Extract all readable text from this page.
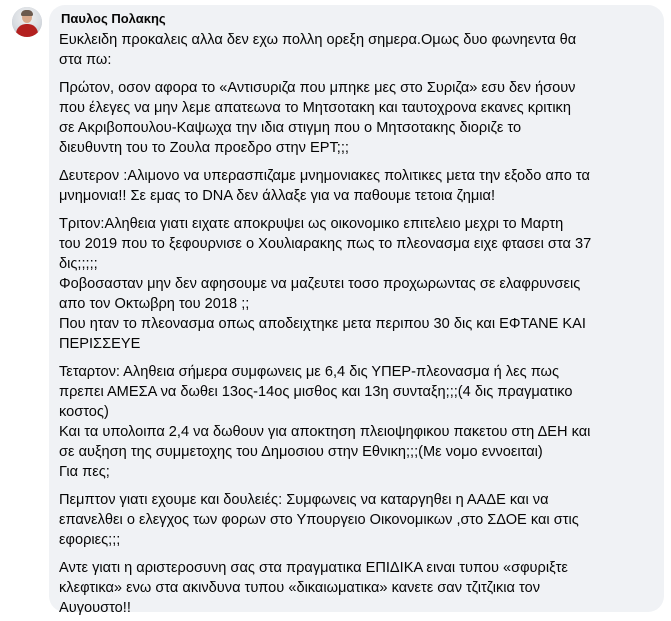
Παυλος Πολακης
Ευκλειδη προκαλεις αλλα δεν εχω πολλη ορεξη σημερα.Ομως δυο φωνηεντα θα
στα πω:
Πρώτον, οσον αφορα το «Αντισυριζα που μπηκε μες στο Συριζα» εσυ δεν ήσουν
που έλεγες να μην λεμε απατεωνα το Μητσοτακη και ταυτοχρονα εκανες κριτικη
σε Ακριβοπουλου-Καψωχα την ιδια στιγμη που ο Μητσοτακης διοριζε το
διευθυντη του το Ζουλα προεδρο στην ΕΡΤ;;;
Δευτερον :Αλιμονο να υπερασπιζαμε μνημονιακες πολιτικες μετα την εξοδο απο τα
μνημονια!! Σε εμας το DNA δεν άλλαξε για να παθουμε τετοια ζημια!
Τριτον:Αληθεια γιατι ειχατε αποκρυψει ως οικονομικο επιτελειο μεχρι το Μαρτη
του 2019 που το ξεφουρνισε ο Χουλιαρακης πως το πλεονασμα ειχε φτασει στα 37
δις;;;;;
Φοβοσασταν μην δεν αφησουμε να μαζευτει τοσο προχωρωντας σε ελαφρυνσεις
απο τον Οκτωβρη του 2018 ;;
Που ηταν το πλεονασμα οπως αποδειχτηκε μετα περιπου 30 δις και ΕΦΤΑΝΕ ΚΑΙ
ΠΕΡΙΣΣΕΥΕ
Τεταρτον: Αληθεια σήμερα συμφωνεις με 6,4 δις ΥΠΕΡ-πλεονασμα ή λες πως
πρεπει ΑΜΕΣΑ να δωθει 13ος-14ος μισθος και 13η συνταξη;;;(4 δις πραγματικο
κοστος)
Και τα υπολοιπα 2,4 να δωθουν για αποκτηση πλειοψηφικου πακετου στη ΔΕΗ και
σε αυξηση της συμμετοχης του Δημοσιου στην Εθνικη;;;(Με νομο εννοειται)
Για πες;
Πεμπτον γιατι εχουμε και δουλειές: Συμφωνεις να καταργηθει η ΑΑΔΕ και να
επανελθει ο ελεγχος των φορων στο Υπουργειο Οικονομικων ,στο ΣΔΟΕ και στις
εφοριες;;;
Αντε γιατι η αριστεροσυνη σας στα πραγματικα ΕΠΙΔΙΚΑ ειναι τυπου «σφυριξτε
κλεφτικα» ενω στα ακινδυνα τυπου «δικαιωματικα» κανετε σαν τζιτζικια τον
Αυγουστο!!
